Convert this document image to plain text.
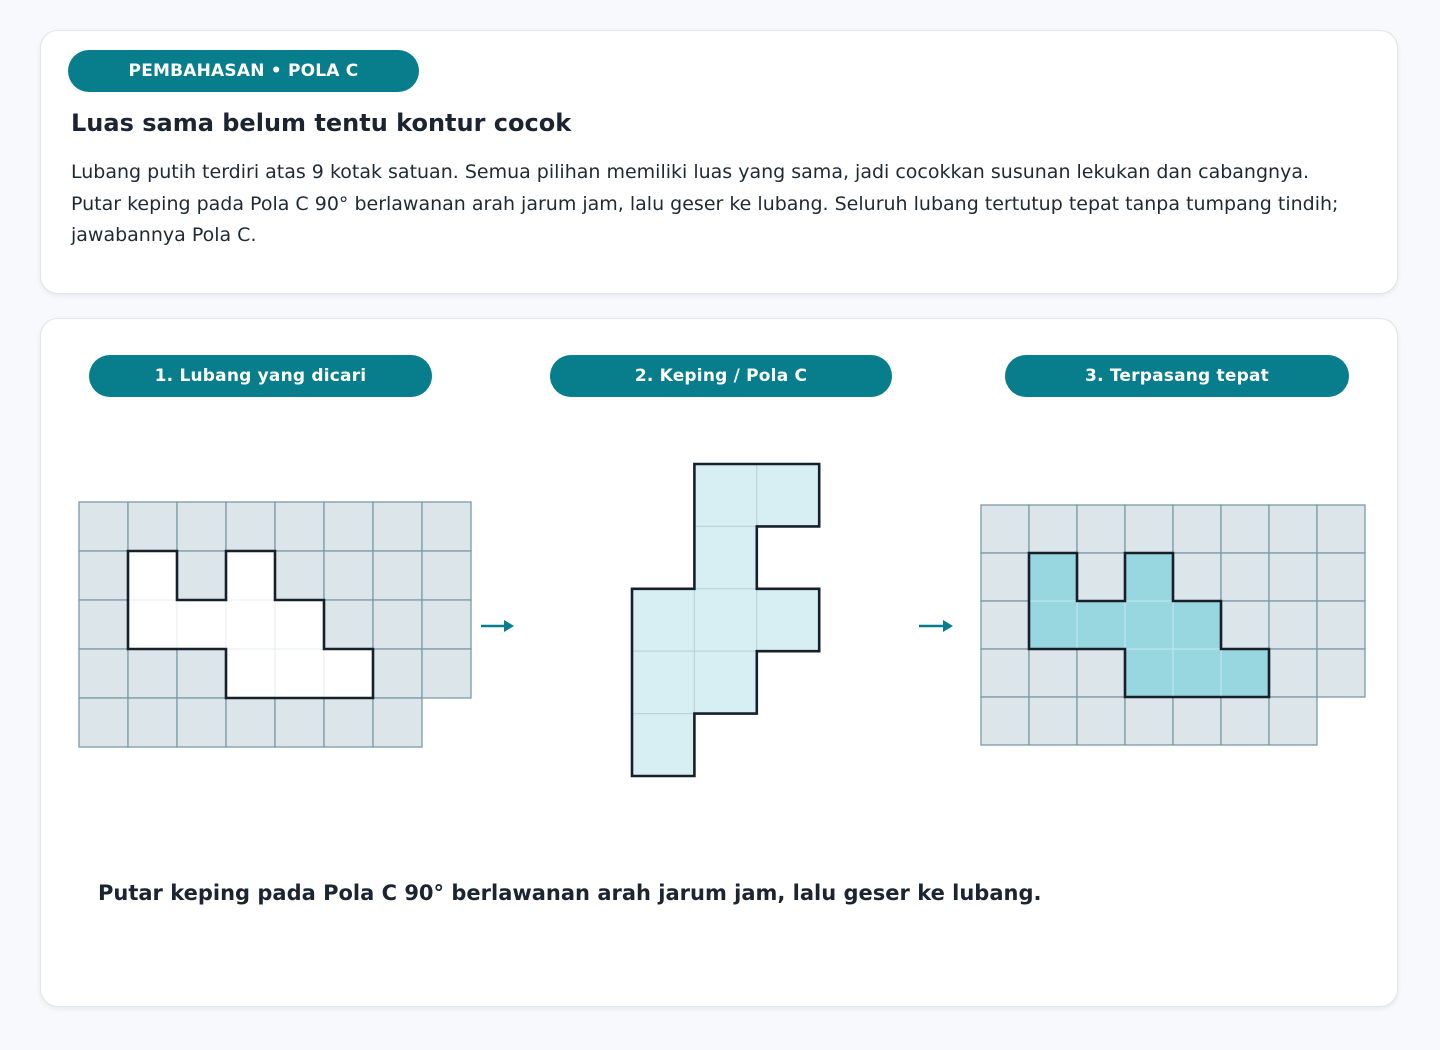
PEMBAHASAN • POLA C
Luas sama belum tentu kontur cocok

Lubang putih terdiri atas 9 kotak satuan. Semua pilihan memiliki luas yang sama, jadi cocokkan susunan lekukan dan cabangnya. Putar keping pada Pola C 90° berlawanan arah jarum jam, lalu geser ke lubang. Seluruh lubang tertutup tepat tanpa tumpang tindih; jawabannya Pola C.

1. Lubang yang dicari	2. Keping / Pola C	3. Terpasang tepat

Putar keping pada Pola C 90° berlawanan arah jarum jam, lalu geser ke lubang.
